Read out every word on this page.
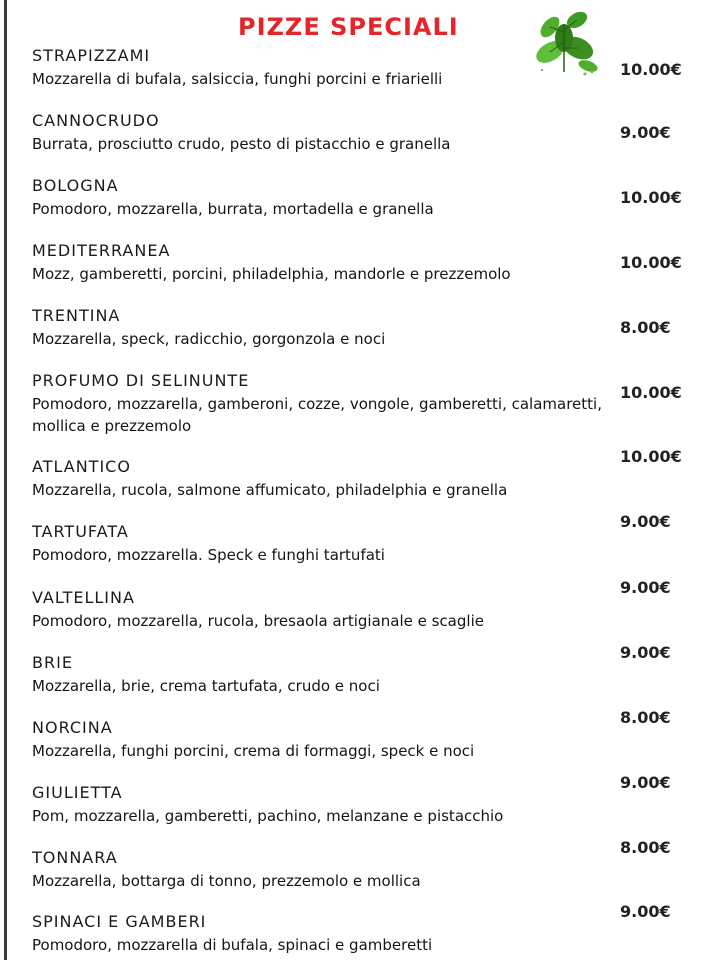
PIZZE SPECIALI
STRAPIZZAMI
Mozzarella di bufala, salsiccia, funghi porcini e friarielli	10.00€
CANNOCRUDO
Burrata, prosciutto crudo, pesto di pistacchio e granella
9.00€
BOLOGNA
Pomodoro, mozzarella, burrata, mortadella e granella
10.00€
MEDITERRANEA
Mozz, gamberetti, porcini, philadelphia, mandorle e prezzemolo
10.00€
TRENTINA
Mozzarella, speck, radicchio, gorgonzola e noci
8.00€
PROFUMO DI SELINUNTE
Pomodoro, mozzarella, gamberoni, cozze, vongole, gamberetti, calamaretti, mollica e prezzemolo
10.00€
ATLANTICO
Mozzarella, rucola, salmone affumicato, philadelphia e granella
10.00€
TARTUFATA
Pomodoro, mozzarella. Speck e funghi tartufati
9.00€
VALTELLINA
Pomodoro, mozzarella, rucola, bresaola artigianale e scaglie
9.00€
BRIE
Mozzarella, brie, crema tartufata, crudo e noci
9.00€
NORCINA
Mozzarella, funghi porcini, crema di formaggi, speck e noci
8.00€
GIULIETTA
Pom, mozzarella, gamberetti, pachino, melanzane e pistacchio
9.00€
TONNARA
Mozzarella, bottarga di tonno, prezzemolo e mollica
8.00€
SPINACI E GAMBERI
Pomodoro, mozzarella di bufala, spinaci e gamberetti
9.00€
